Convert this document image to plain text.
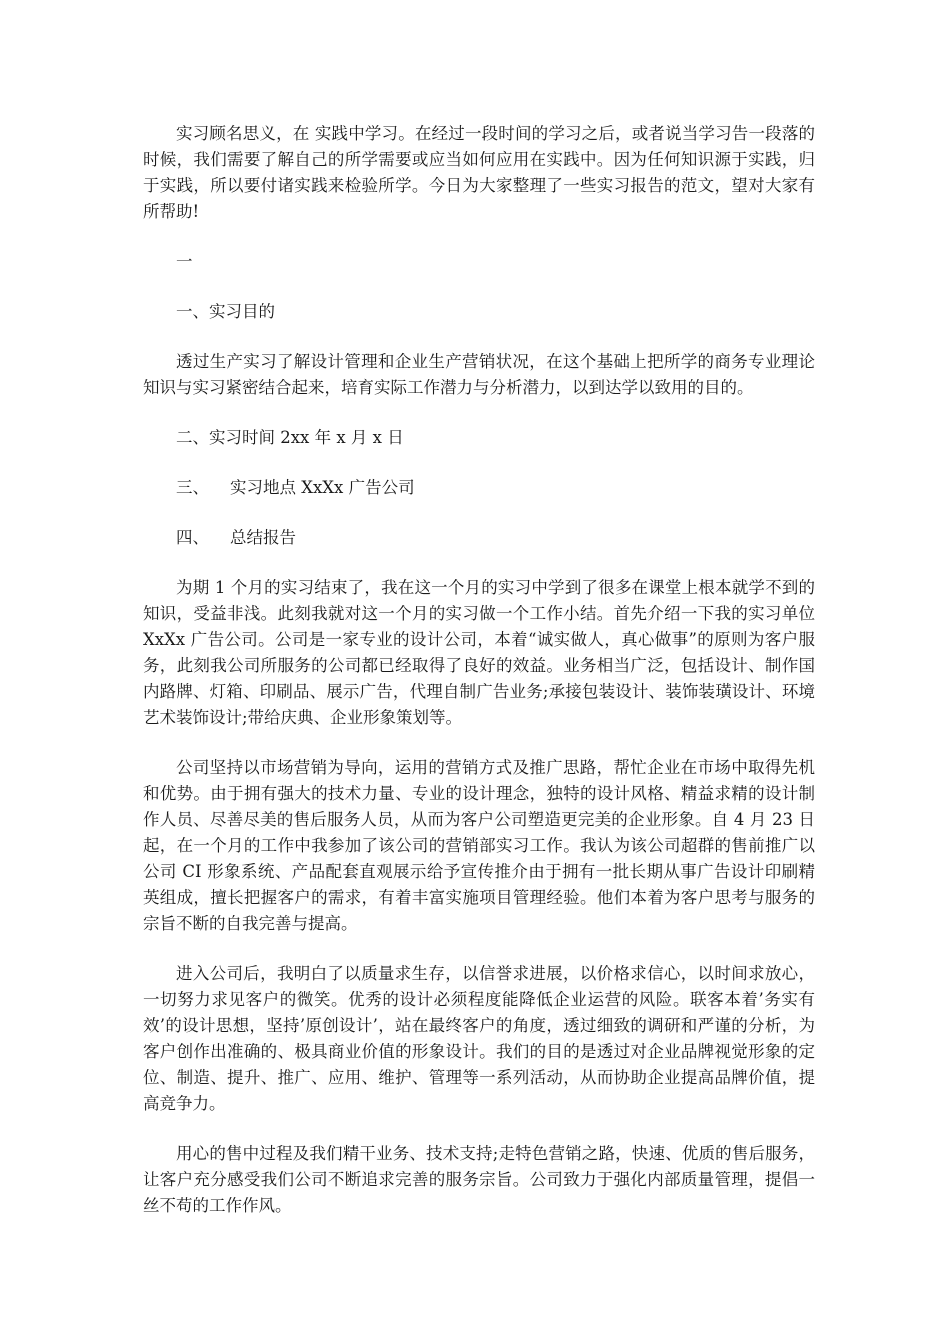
实习顾名思义，在 实践中学习。在经过一段时间的学习之后，或者说当学习告一段落的时候，我们需要了解自己的所学需要或应当如何应用在实践中。因为任何知识源于实践，归于实践，所以要付诸实践来检验所学。今日为大家整理了一些实习报告的范文，望对大家有所帮助!

一

一、实习目的

透过生产实习了解设计管理和企业生产营销状况，在这个基础上把所学的商务专业理论知识与实习紧密结合起来，培育实际工作潜力与分析潜力，以到达学以致用的目的。

二、实习时间 2xx 年 x 月 x 日

三、    实习地点 XxXx 广告公司

四、    总结报告

为期 1 个月的实习结束了，我在这一个月的实习中学到了很多在课堂上根本就学不到的知识，受益非浅。此刻我就对这一个月的实习做一个工作小结。首先介绍一下我的实习单位 XxXx 广告公司。公司是一家专业的设计公司，本着“诚实做人，真心做事”的原则为客户服务，此刻我公司所服务的公司都已经取得了良好的效益。业务相当广泛，包括设计、制作国内路牌、灯箱、印刷品、展示广告，代理自制广告业务;承接包装设计、装饰装璜设计、环境艺术装饰设计;带给庆典、企业形象策划等。

公司坚持以市场营销为导向，运用的营销方式及推广思路，帮忙企业在市场中取得先机和优势。由于拥有强大的技术力量、专业的设计理念，独特的设计风格、精益求精的设计制作人员、尽善尽美的售后服务人员，从而为客户公司塑造更完美的企业形象。自 4 月 23 日起，在一个月的工作中我参加了该公司的营销部实习工作。我认为该公司超群的售前推广以公司 CI 形象系统、产品配套直观展示给予宣传推介由于拥有一批长期从事广告设计印刷精英组成，擅长把握客户的需求，有着丰富实施项目管理经验。他们本着为客户思考与服务的宗旨不断的自我完善与提高。

进入公司后，我明白了以质量求生存，以信誉求进展，以价格求信心，以时间求放心，一切努力求见客户的微笑。优秀的设计必须程度能降低企业运营的风险。联客本着’务实有效’的设计思想，坚持’原创设计’，站在最终客户的角度，透过细致的调研和严谨的分析，为客户创作出准确的、极具商业价值的形象设计。我们的目的是透过对企业品牌视觉形象的定位、制造、提升、推广、应用、维护、管理等一系列活动，从而协助企业提高品牌价值，提高竞争力。

用心的售中过程及我们精干业务、技术支持;走特色营销之路，快速、优质的售后服务，让客户充分感受我们公司不断追求完善的服务宗旨。公司致力于强化内部质量管理，提倡一丝不苟的工作作风。
